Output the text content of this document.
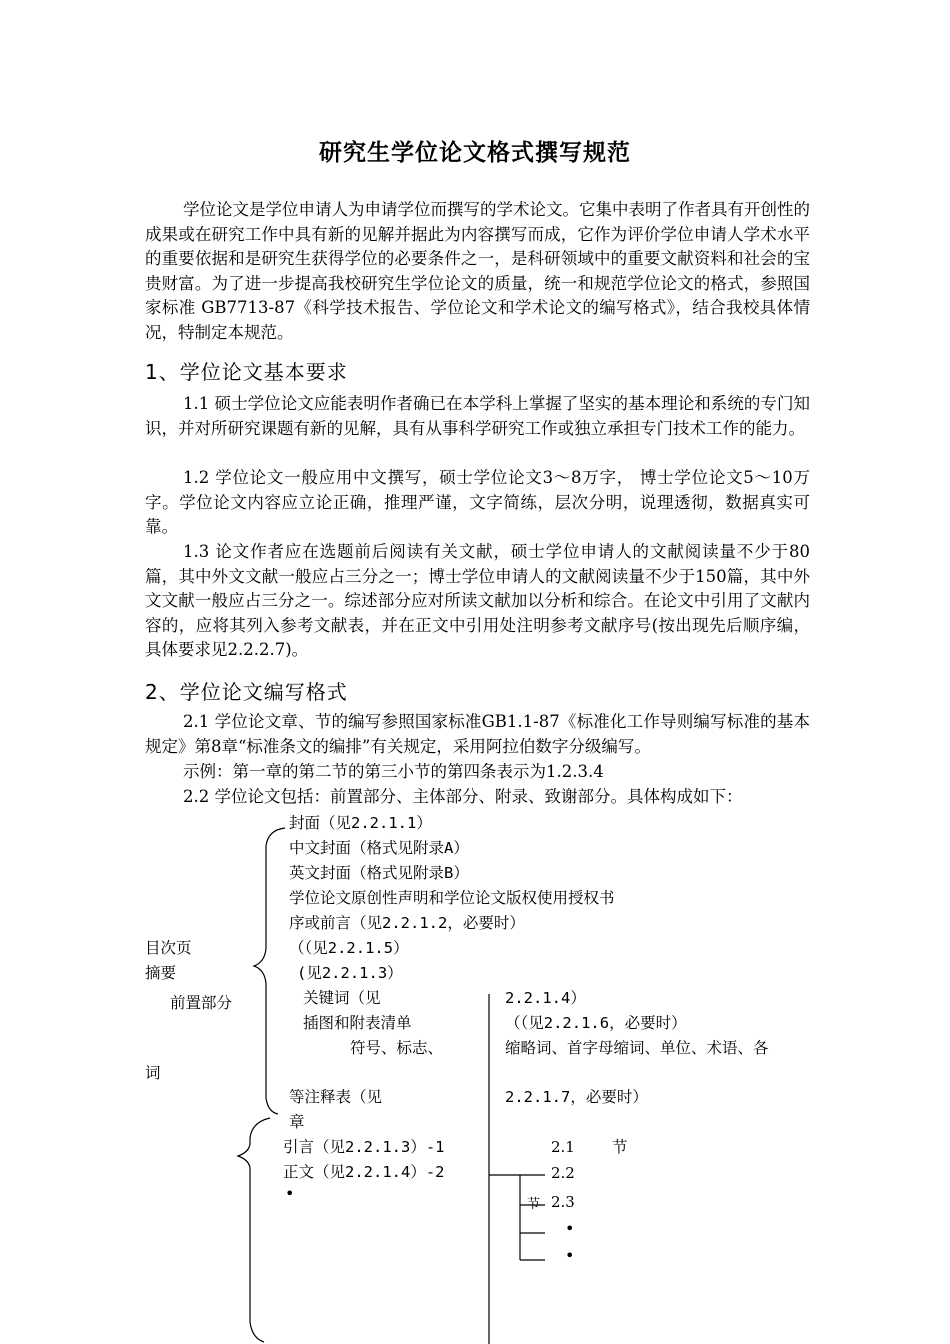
研究生学位论文格式撰写规范
学位论文是学位申请人为申请学位而撰写的学术论文。它集中表明了作者具有开创性的成果或在研究工作中具有新的见解并据此为内容撰写而成，它作为评价学位申请人学术水平的重要依据和是研究生获得学位的必要条件之一，是科研领域中的重要文献资料和社会的宝贵财富。为了进一步提高我校研究生学位论文的质量，统一和规范学位论文的格式，参照国家标准 GB7713-87《科学技术报告、学位论文和学术论文的编写格式》，结合我校具体情况，特制定本规范。
1、学位论文基本要求
1.1 硕士学位论文应能表明作者确已在本学科上掌握了坚实的基本理论和系统的专门知识，并对所研究课题有新的见解，具有从事科学研究工作或独立承担专门技术工作的能力。
1.2 学位论文一般应用中文撰写，硕士学位论文3～8万字， 博士学位论文5～10万字。学位论文内容应立论正确，推理严谨，文字简练，层次分明，说理透彻，数据真实可靠。
1.3 论文作者应在选题前后阅读有关文献，硕士学位申请人的文献阅读量不少于80篇，其中外文文献一般应占三分之一；博士学位申请人的文献阅读量不少于150篇，其中外文文献一般应占三分之一。综述部分应对所读文献加以分析和综合。在论文中引用了文献内容的，应将其列入参考文献表，并在正文中引用处注明参考文献序号(按出现先后顺序编，具体要求见2.2.2.7)。
2、学位论文编写格式
2.1 学位论文章、节的编写参照国家标准GB1.1-87《标准化工作导则编写标准的基本规定》第8章“标准条文的编排”有关规定，采用阿拉伯数字分级编写。
示例：第一章的第二节的第三小节的第四条表示为1.2.3.4
2.2 学位论文包括：前置部分、主体部分、附录、致谢部分。具体构成如下：
封面（见2.2.1.1）
中文封面（格式见附录A）
英文封面（格式见附录B）
学位论文原创性声明和学位论文版权使用授权书
序或前言（见2.2.1.2，必要时）
目次页	（（见2.2.1.5）
摘要	(见2.2.1.3）
前置部分	关键词（见	2.2.1.4）
插图和附表清单	（（见2.2.1.6，必要时）
符号、标志、	缩略词、首字母缩词、单位、术语、各
词
等注释表（见	2.2.1.7，必要时）
章
引言（见2.2.1.3）-1	2.1 节
正文（见2.2.1.4）-2	2.2
•	2.3
节
•
•
